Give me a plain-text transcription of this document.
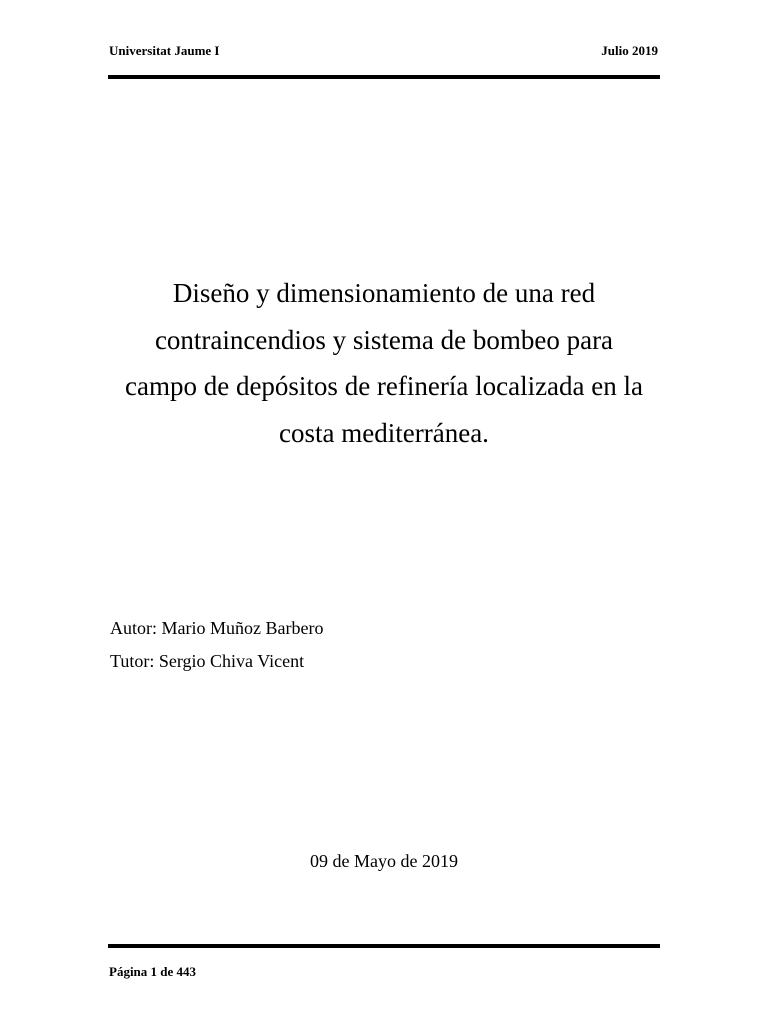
Universitat Jaume I	Julio 2019
Diseño y dimensionamiento de una red
contraincendios y sistema de bombeo para
campo de depósitos de refinería localizada en la
costa mediterránea.
Autor: Mario Muñoz Barbero
Tutor: Sergio Chiva Vicent
09 de Mayo de 2019
Página 1 de 443
